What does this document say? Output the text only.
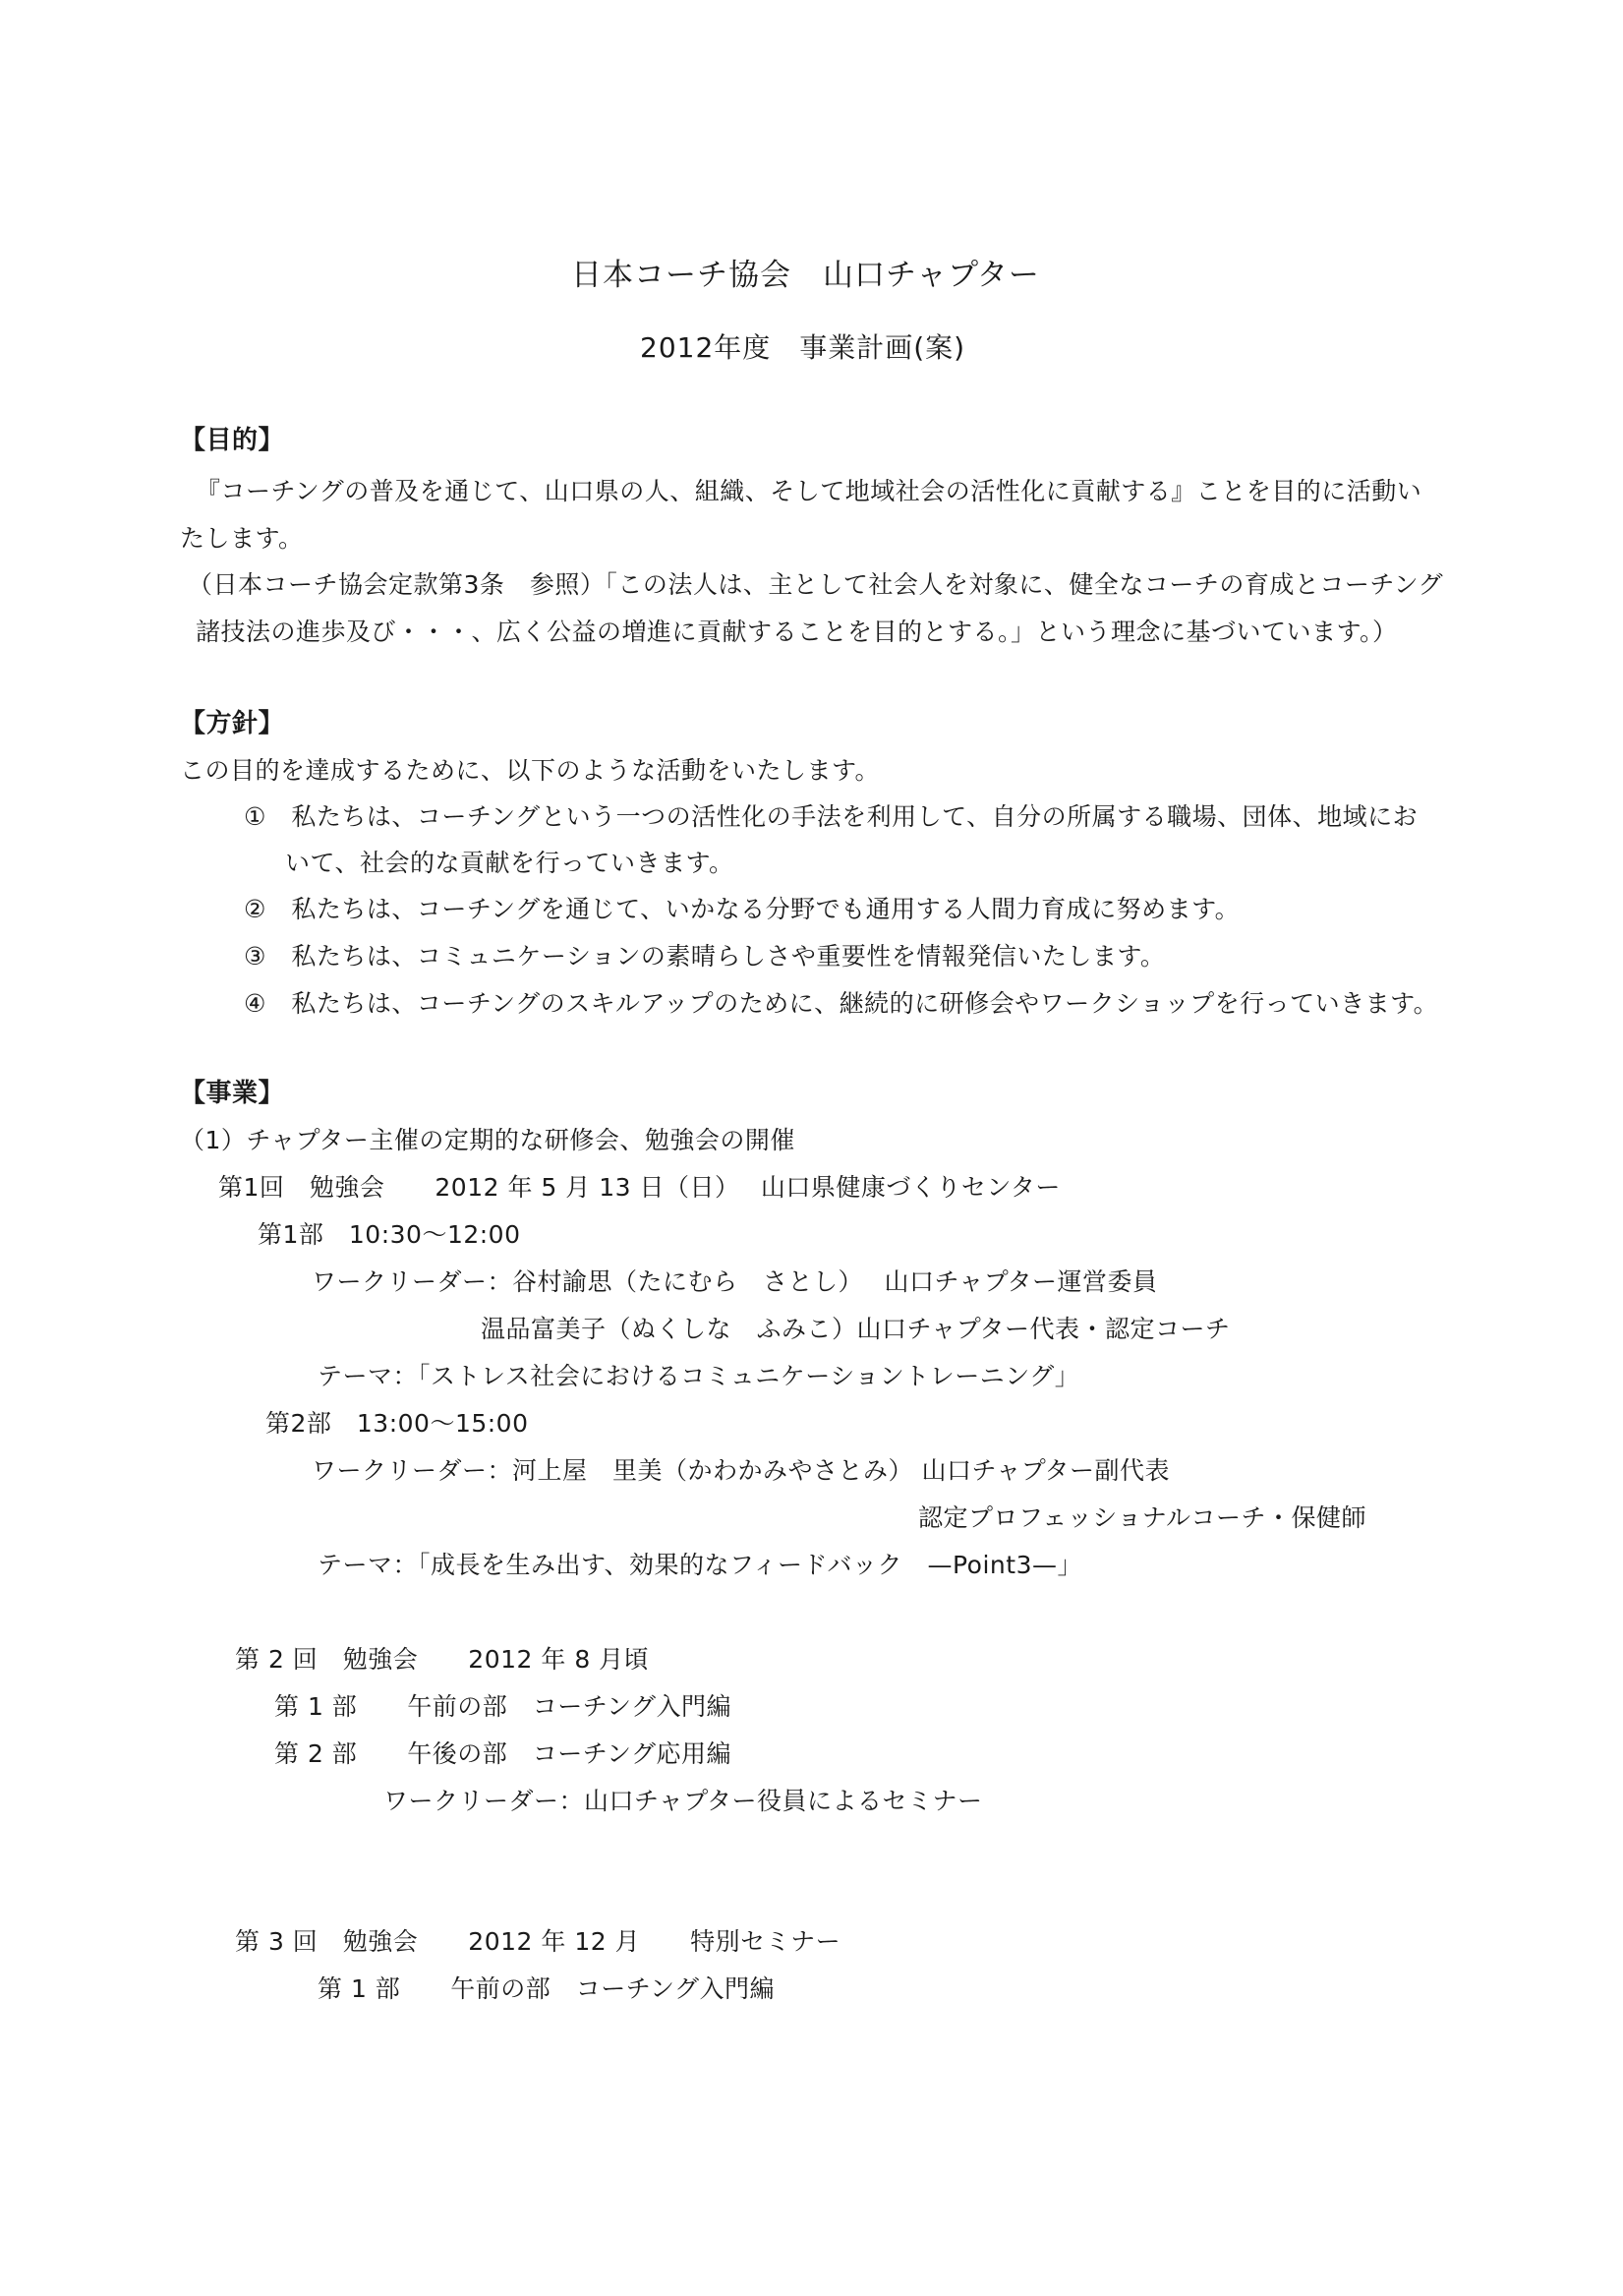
日本コーチ協会　山口チャプター
2012年度　事業計画(案)
【目的】
『コーチングの普及を通じて、山口県の人、組織、そして地域社会の活性化に貢献する』ことを目的に活動い
たします。
（日本コーチ協会定款第3条　参照）「この法人は、主として社会人を対象に、健全なコーチの育成とコーチング
諸技法の進歩及び・・・、広く公益の増進に貢献することを目的とする。」という理念に基づいています。）
【方針】
この目的を達成するために、以下のような活動をいたします。
①　私たちは、コーチングという一つの活性化の手法を利用して、自分の所属する職場、団体、地域にお
いて、社会的な貢献を行っていきます。
②　私たちは、コーチングを通じて、いかなる分野でも通用する人間力育成に努めます。
③　私たちは、コミュニケーションの素晴らしさや重要性を情報発信いたします。
④　私たちは、コーチングのスキルアップのために、継続的に研修会やワークショップを行っていきます。
【事業】
（1）チャプター主催の定期的な研修会、勉強会の開催
第1回　勉強会　　2012 年 5 月 13 日（日）　 山口県健康づくりセンター
第1部　10:30～12:00
ワークリーダー：谷村諭思（たにむら　さとし）　 山口チャプター運営委員
温品富美子（ぬくしな　ふみこ）山口チャプター代表・認定コーチ
テーマ：「ストレス社会におけるコミュニケーショントレーニング」
第2部　13:00～15:00
ワークリーダー：河上屋　里美（かわかみやさとみ） 山口チャプター副代表
認定プロフェッショナルコーチ・保健師
テーマ：「成長を生み出す、効果的なフィードバック　—Point3—」
第 2 回　勉強会　　2012 年 8 月頃
第 1 部　　午前の部　コーチング入門編
第 2 部　　午後の部　コーチング応用編
ワークリーダー：山口チャプター役員によるセミナー
第 3 回　勉強会　　2012 年 12 月　　特別セミナー
第 1 部　　午前の部　コーチング入門編
